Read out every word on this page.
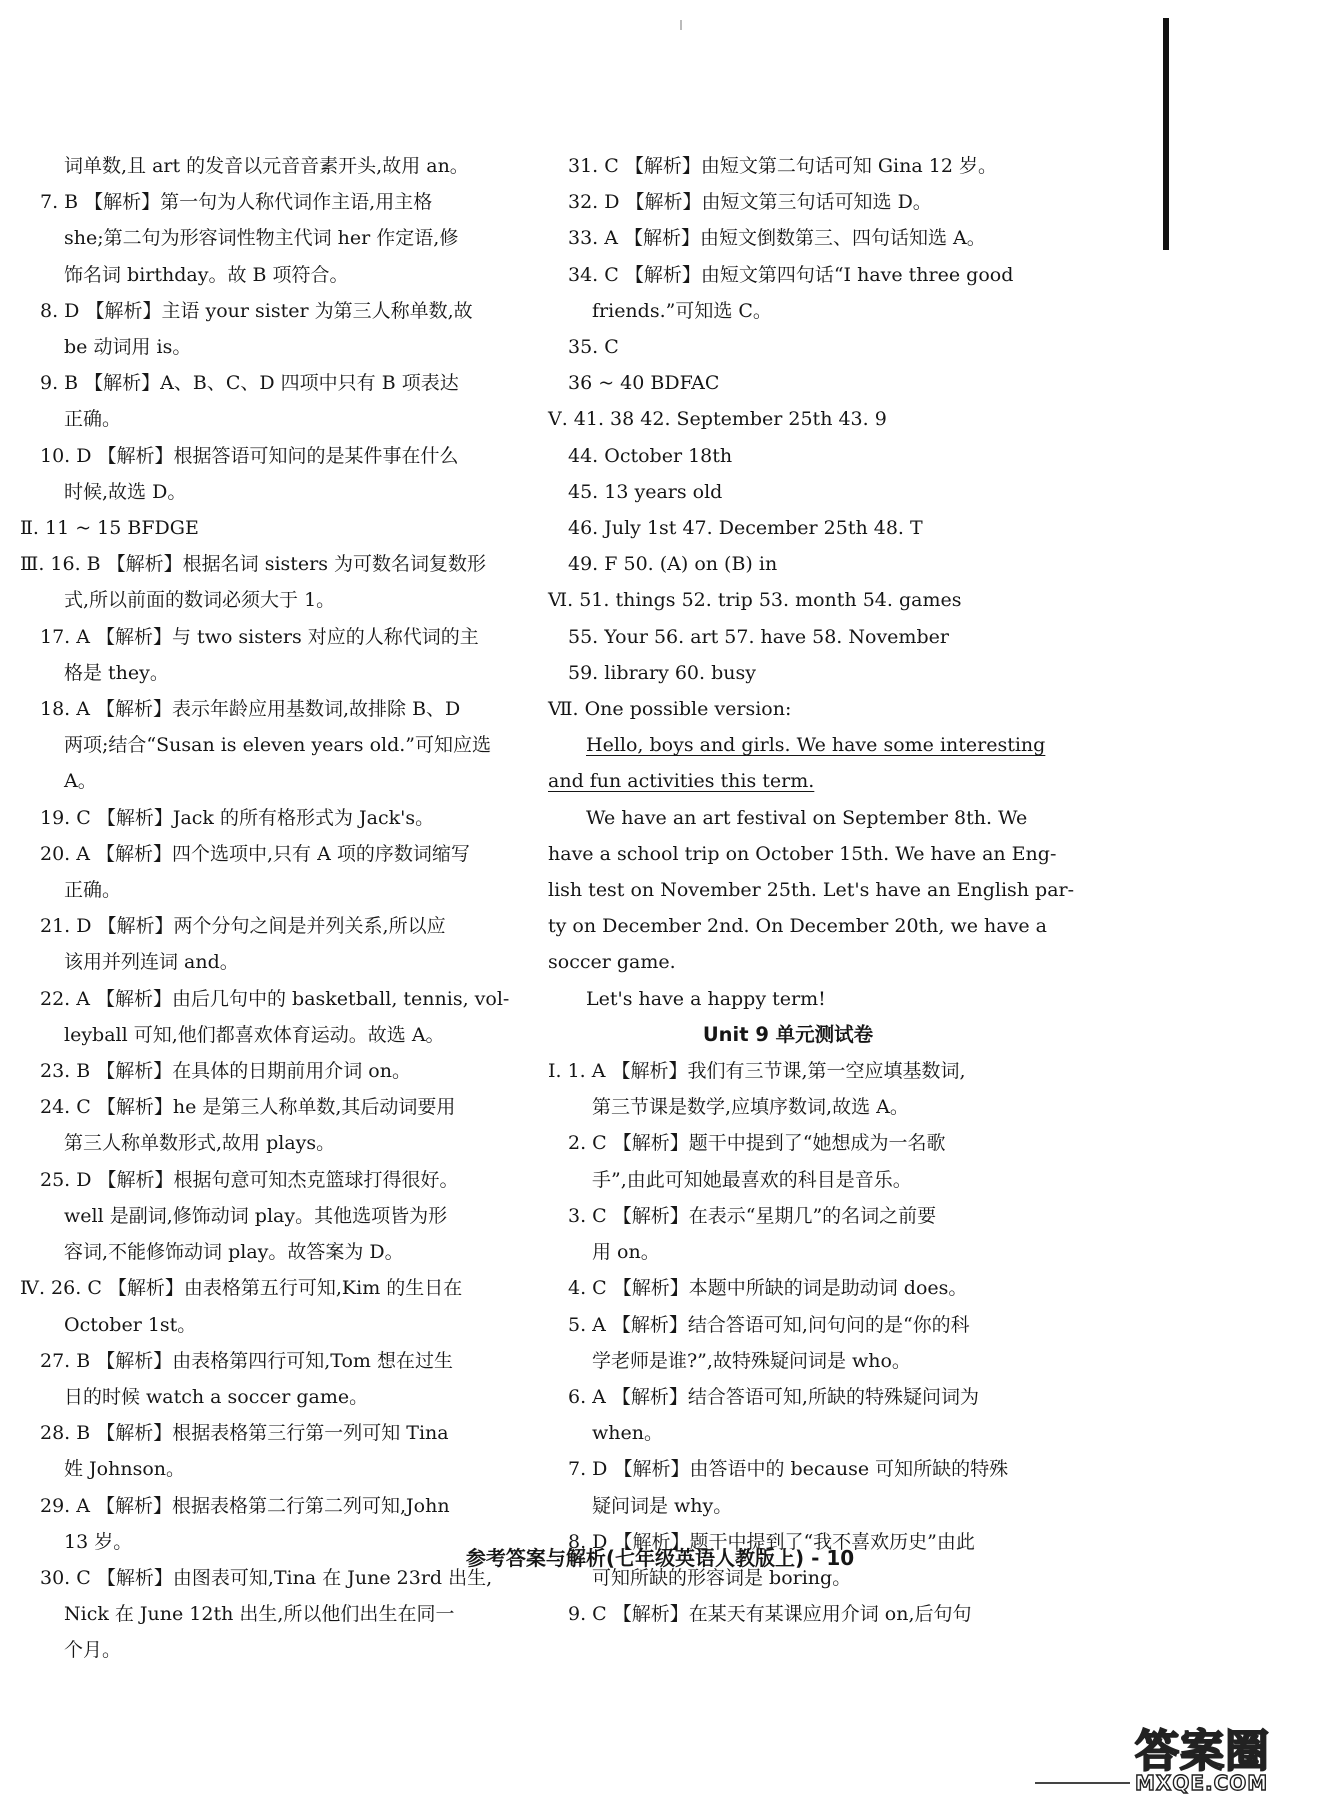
词单数,且 art 的发音以元音音素开头,故用 an。
7. B 【解析】第一句为人称代词作主语,用主格
she;第二句为形容词性物主代词 her 作定语,修
饰名词 birthday。故 B 项符合。
8. D 【解析】主语 your sister 为第三人称单数,故
be 动词用 is。
9. B 【解析】A、B、C、D 四项中只有 B 项表达
正确。
10. D 【解析】根据答语可知问的是某件事在什么
时候,故选 D。
Ⅱ. 11 ~ 15 BFDGE
Ⅲ. 16. B 【解析】根据名词 sisters 为可数名词复数形
式,所以前面的数词必须大于 1。
17. A 【解析】与 two sisters 对应的人称代词的主
格是 they。
18. A 【解析】表示年龄应用基数词,故排除 B、D
两项;结合“Susan is eleven years old.”可知应选
A。
19. C 【解析】Jack 的所有格形式为 Jack's。
20. A 【解析】四个选项中,只有 A 项的序数词缩写
正确。
21. D 【解析】两个分句之间是并列关系,所以应
该用并列连词 and。
22. A 【解析】由后几句中的 basketball, tennis, vol-
leyball 可知,他们都喜欢体育运动。故选 A。
23. B 【解析】在具体的日期前用介词 on。
24. C 【解析】he 是第三人称单数,其后动词要用
第三人称单数形式,故用 plays。
25. D 【解析】根据句意可知杰克篮球打得很好。
well 是副词,修饰动词 play。其他选项皆为形
容词,不能修饰动词 play。故答案为 D。
Ⅳ. 26. C 【解析】由表格第五行可知,Kim 的生日在
October 1st。
27. B 【解析】由表格第四行可知,Tom 想在过生
日的时候 watch a soccer game。
28. B 【解析】根据表格第三行第一列可知 Tina
姓 Johnson。
29. A 【解析】根据表格第二行第二列可知,John
13 岁。
30. C 【解析】由图表可知,Tina 在 June 23rd 出生,
Nick 在 June 12th 出生,所以他们出生在同一
个月。
31. C 【解析】由短文第二句话可知 Gina 12 岁。
32. D 【解析】由短文第三句话可知选 D。
33. A 【解析】由短文倒数第三、四句话知选 A。
34. C 【解析】由短文第四句话“I have three good
friends.”可知选 C。
35. C
36 ~ 40 BDFAC
Ⅴ. 41. 38 42. September 25th 43. 9
44. October 18th
45. 13 years old
46. July 1st 47. December 25th 48. T
49. F 50. (A) on (B) in
Ⅵ. 51. things 52. trip 53. month 54. games
55. Your 56. art 57. have 58. November
59. library 60. busy
Ⅶ. One possible version:
Hello, boys and girls. We have some interesting
and fun activities this term.
We have an art festival on September 8th. We
have a school trip on October 15th. We have an Eng-
lish test on November 25th. Let's have an English par-
ty on December 2nd. On December 20th, we have a
soccer game.
Let's have a happy term!
Unit 9 单元测试卷
Ⅰ. 1. A 【解析】我们有三节课,第一空应填基数词,
第三节课是数学,应填序数词,故选 A。
2. C 【解析】题干中提到了“她想成为一名歌
手”,由此可知她最喜欢的科目是音乐。
3. C 【解析】在表示“星期几”的名词之前要
用 on。
4. C 【解析】本题中所缺的词是助动词 does。
5. A 【解析】结合答语可知,问句问的是“你的科
学老师是谁?”,故特殊疑问词是 who。
6. A 【解析】结合答语可知,所缺的特殊疑问词为
when。
7. D 【解析】由答语中的 because 可知所缺的特殊
疑问词是 why。
8. D 【解析】题干中提到了“我不喜欢历史”由此
可知所缺的形容词是 boring。
9. C 【解析】在某天有某课应用介词 on,后句句
参考答案与解析(七年级英语人教版上) - 10
答案圈
MXQE.COM
